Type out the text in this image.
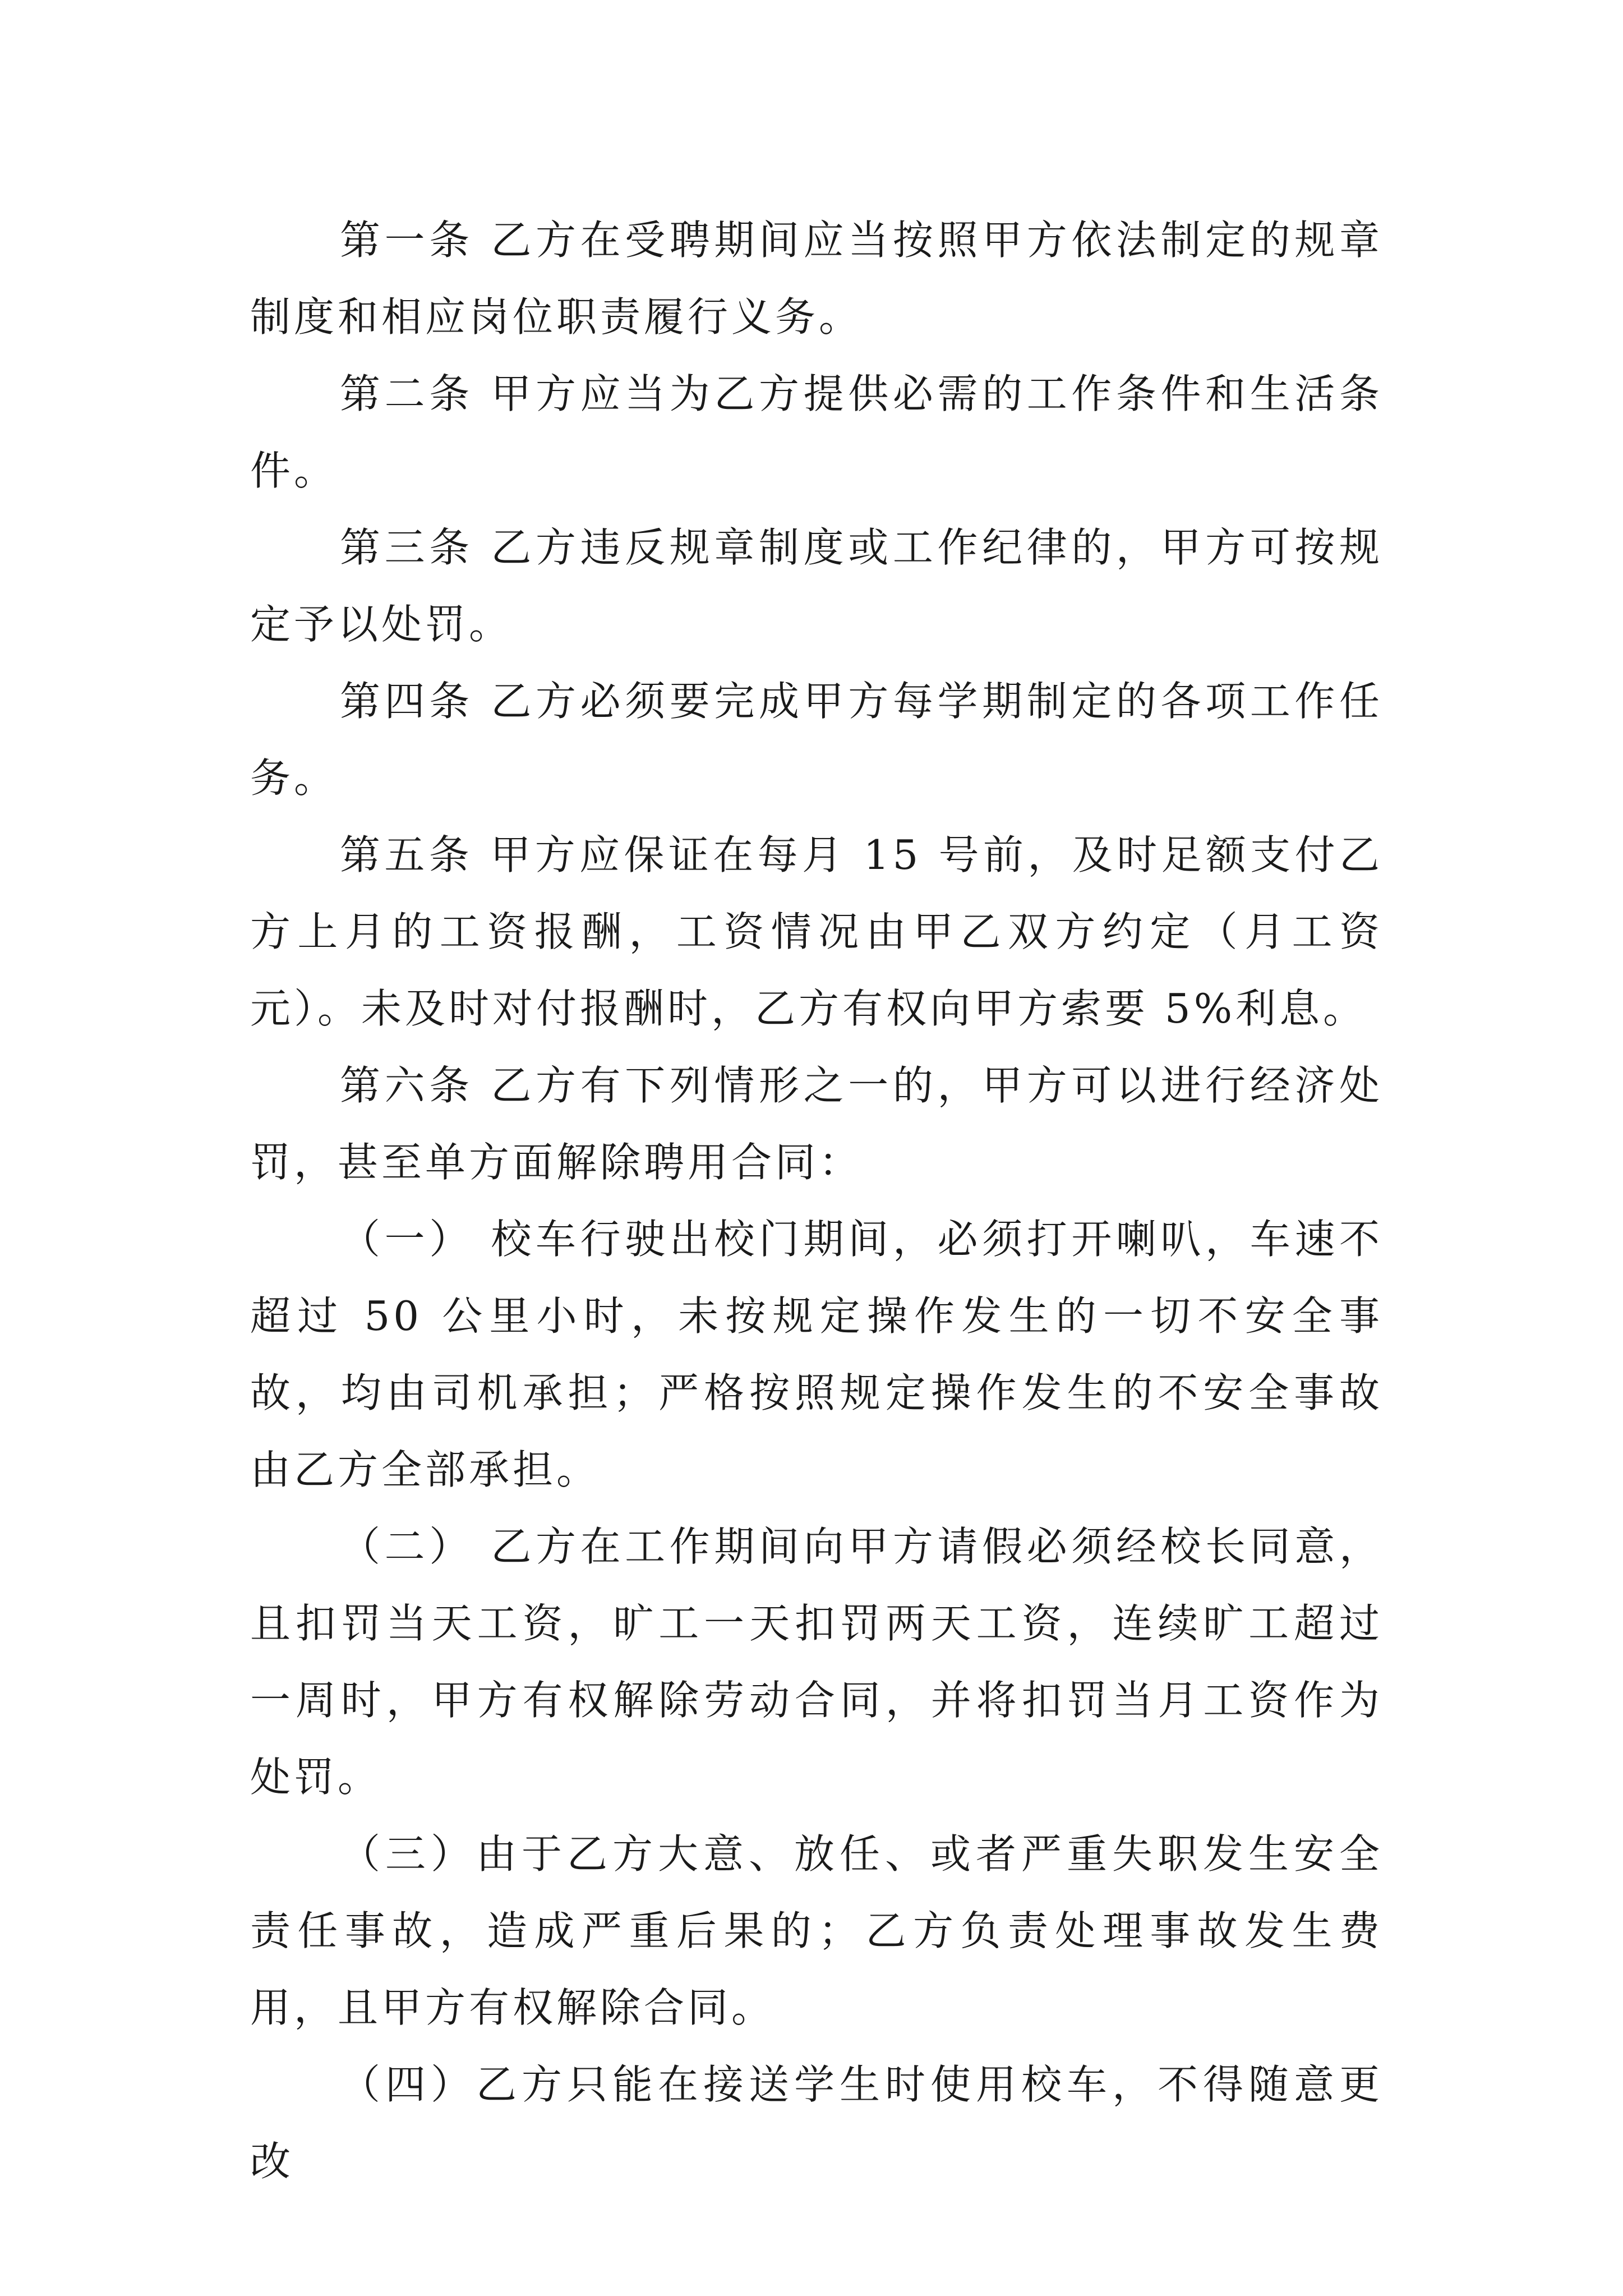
第一条 乙方在受聘期间应当按照甲方依法制定的规章制度和相应岗位职责履行义务。

第二条 甲方应当为乙方提供必需的工作条件和生活条件。

第三条 乙方违反规章制度或工作纪律的，甲方可按规定予以处罚。

第四条 乙方必须要完成甲方每学期制定的各项工作任务。

第五条 甲方应保证在每月 15 号前，及时足额支付乙方上月的工资报酬，工资情况由甲乙双方约定（月工资 元）。未及时对付报酬时，乙方有权向甲方索要 5%利息。

第六条 乙方有下列情形之一的，甲方可以进行经济处罚，甚至单方面解除聘用合同：

（一） 校车行驶出校门期间，必须打开喇叭，车速不超过 50 公里小时，未按规定操作发生的一切不安全事故，均由司机承担；严格按照规定操作发生的不安全事故由乙方全部承担。

（二） 乙方在工作期间向甲方请假必须经校长同意，且扣罚当天工资，旷工一天扣罚两天工资，连续旷工超过一周时，甲方有权解除劳动合同，并将扣罚当月工资作为处罚。

（三）由于乙方大意、放任、或者严重失职发生安全责任事故，造成严重后果的；乙方负责处理事故发生费用，且甲方有权解除合同。

（四）乙方只能在接送学生时使用校车，不得随意更改
